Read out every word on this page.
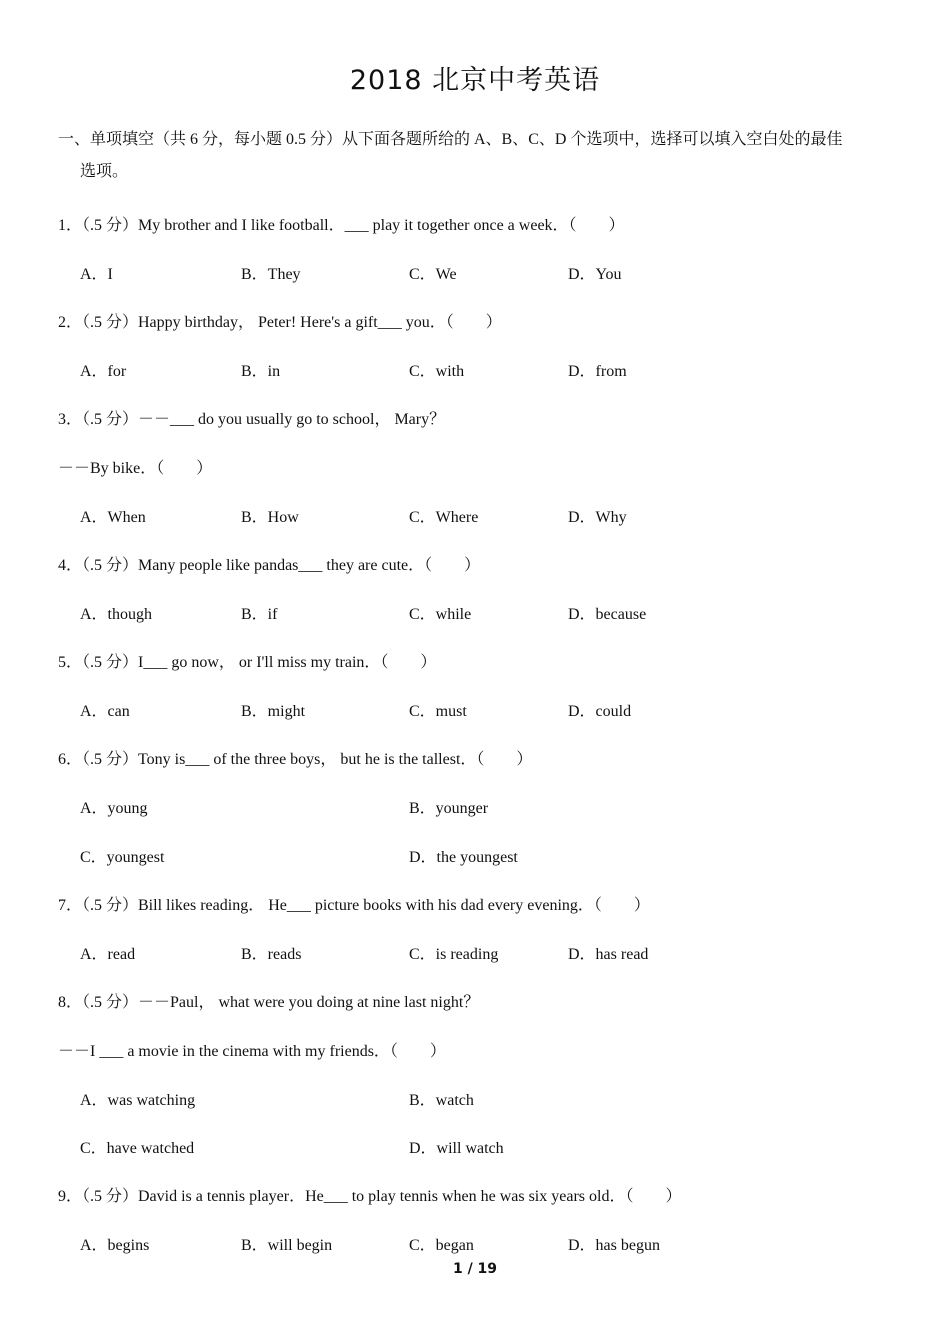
2018 北京中考英语
一、单项填空（共 6 分，每小题 0.5 分）从下面各题所给的 A、B、C、D 个选项中，选择可以填入空白处的最佳
选项。
1．（.5 分）My brother and I like football．___ play it together once a week．（　　）
A．I	B．They	C．We	D．You
2．（.5 分）Happy birthday， Peter! Here's a gift___ you．（　　）
A．for	B．in	C．with	D．from
3．（.5 分）－－___ do you usually go to school， Mary？
－－By bike．（　　）
A．When	B．How	C．Where	D．Why
4．（.5 分）Many people like pandas___ they are cute．（　　）
A．though	B．if	C．while	D．because
5．（.5 分）I___ go now， or I'll miss my train．（　　）
A．can	B．might	C．must	D．could
6．（.5 分）Tony is___ of the three boys， but he is the tallest．（　　）
A．young	B．younger
C．youngest	D．the youngest
7．（.5 分）Bill likes reading． He___ picture books with his dad every evening．（　　）
A．read	B．reads	C．is reading	D．has read
8．（.5 分）－－Paul， what were you doing at nine last night？
－－I ___ a movie in the cinema with my friends．（　　）
A．was watching	B．watch
C．have watched	D．will watch
9．（.5 分）David is a tennis player．He___ to play tennis when he was six years old．（　　）
A．begins	B．will begin	C．began	D．has begun
1 / 19
